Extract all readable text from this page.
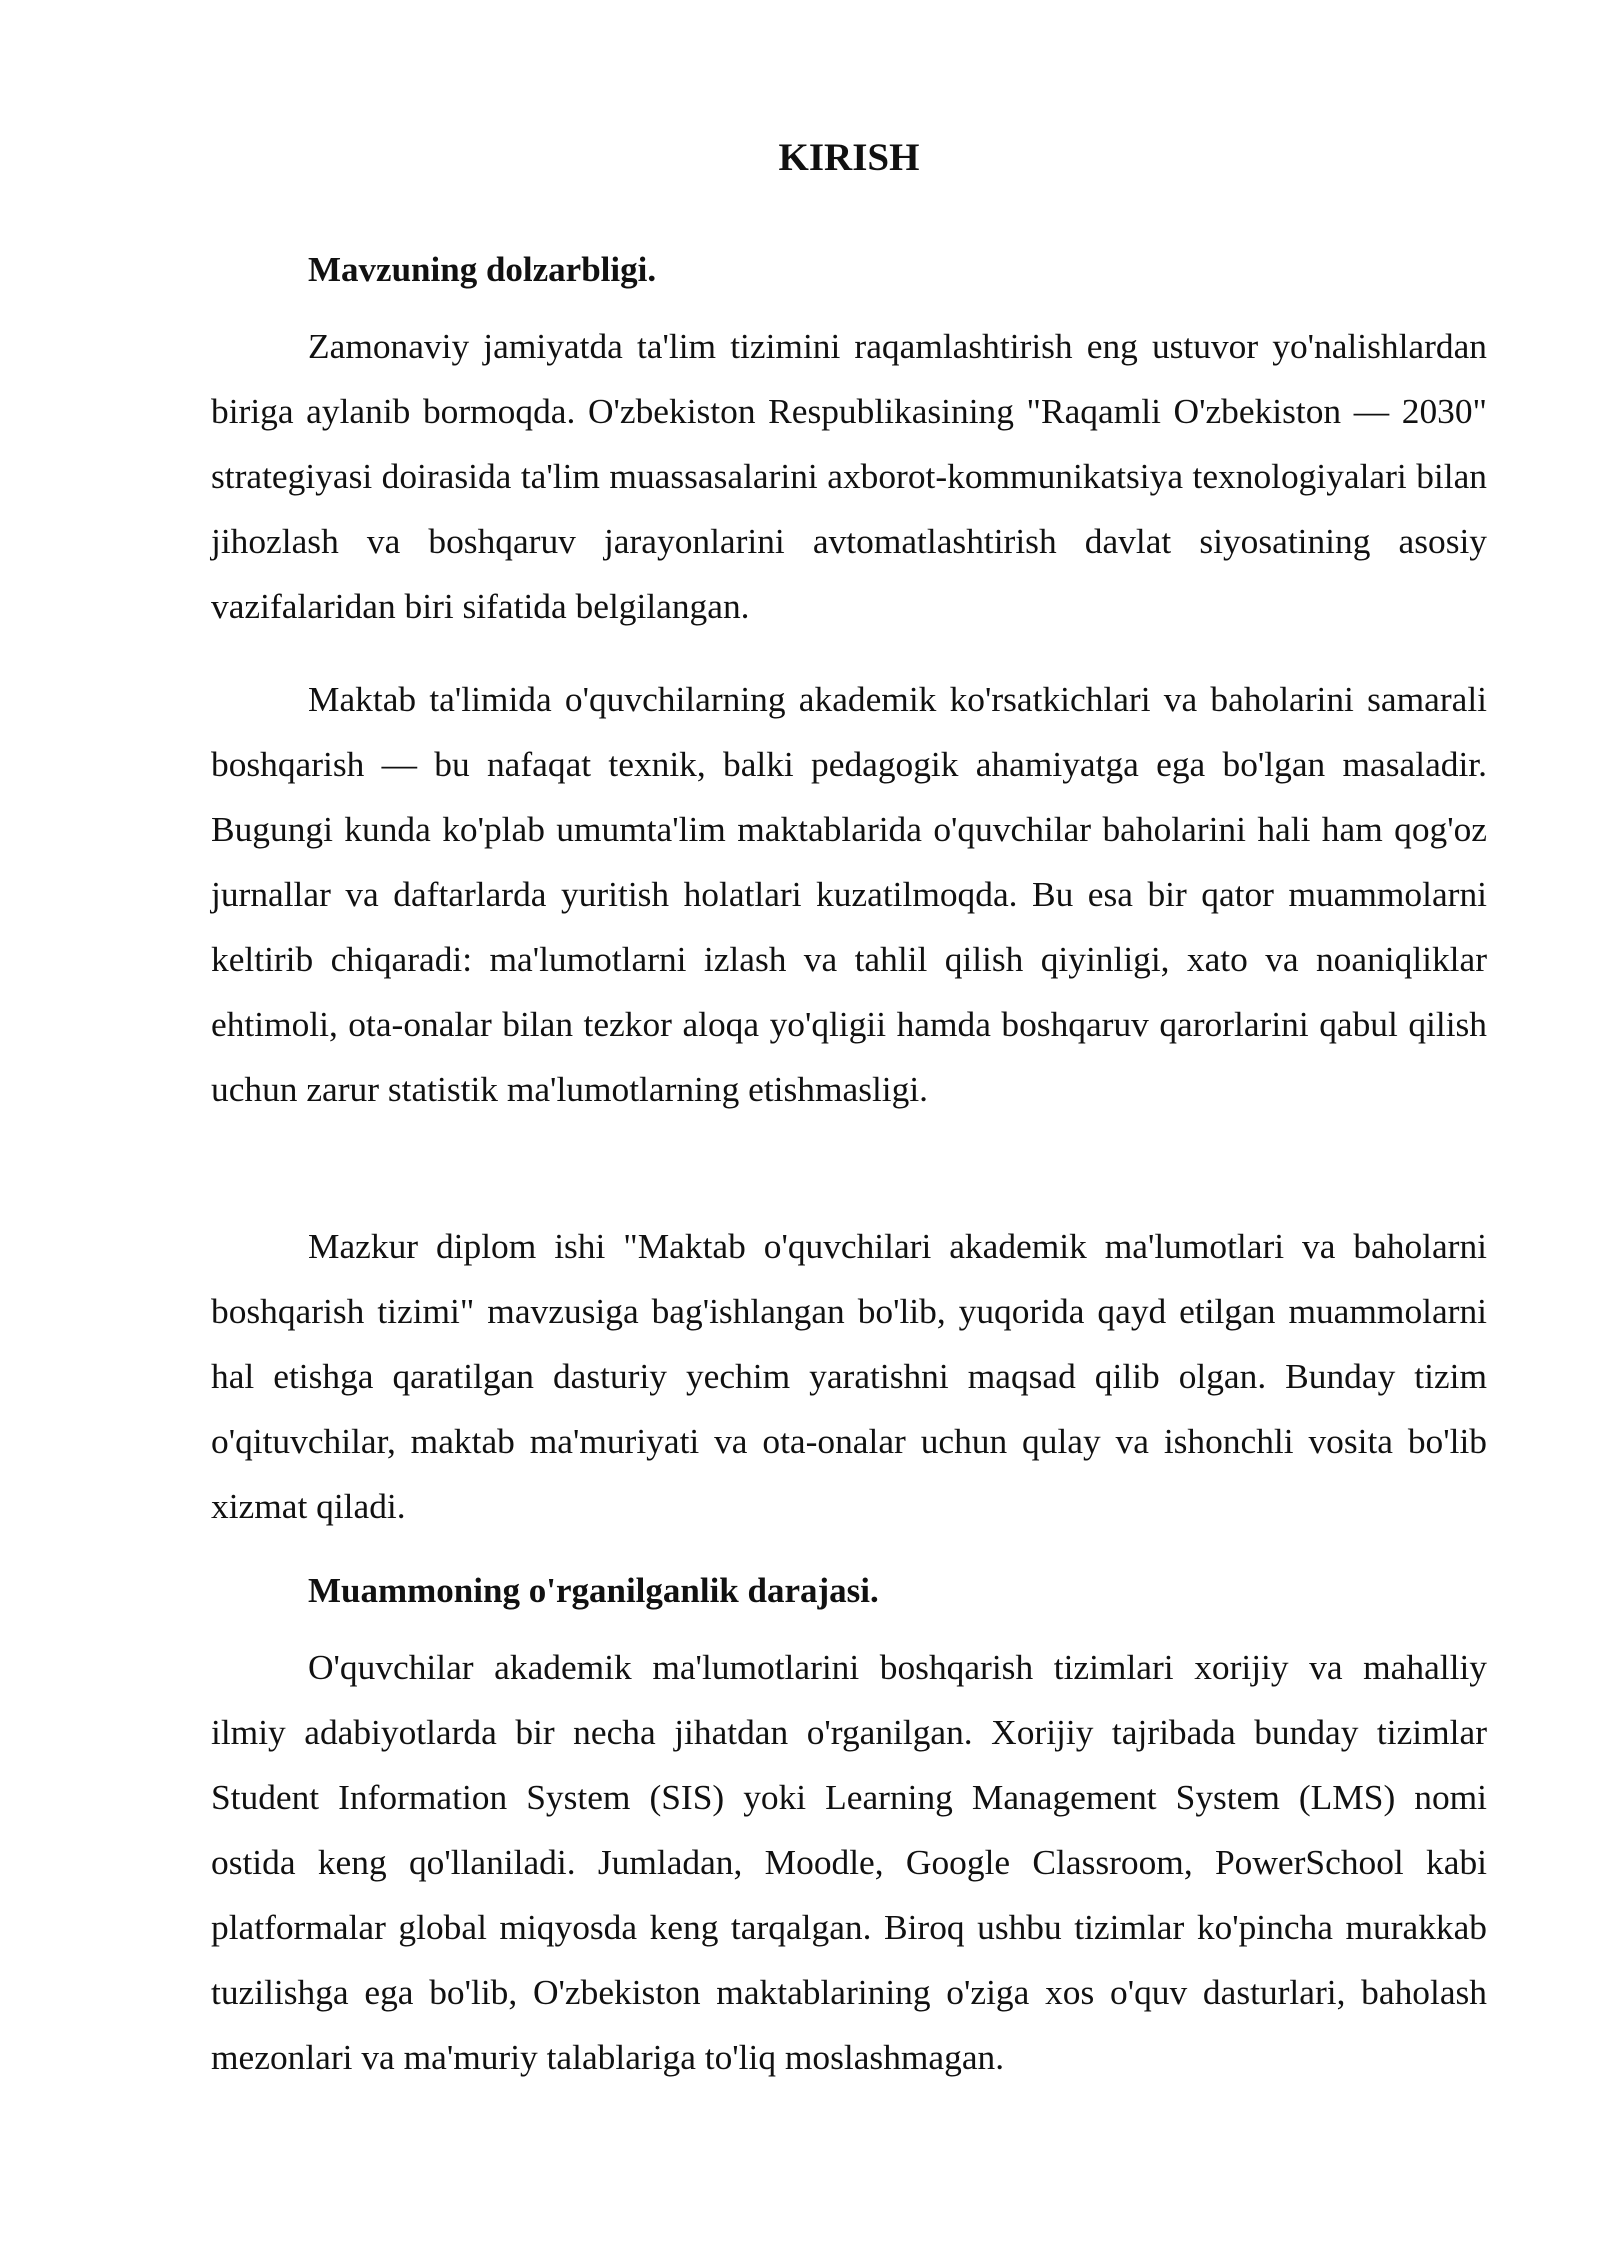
KIRISH
Mavzuning dolzarbligi.

Zamonaviy jamiyatda ta'lim tizimini raqamlashtirish eng ustuvor yo'nalishlardan biriga aylanib bormoqda. O'zbekiston Respublikasining "Raqamli O'zbekiston — 2030" strategiyasi doirasida ta'lim muassasalarini axborot-kommunikatsiya texnologiyalari bilan jihozlash va boshqaruv jarayonlarini avtomatlashtirish davlat siyosatining asosiy vazifalaridan biri sifatida belgilangan.

Maktab ta'limida o'quvchilarning akademik ko'rsatkichlari va baholarini samarali boshqarish — bu nafaqat texnik, balki pedagogik ahamiyatga ega bo'lgan masaladir. Bugungi kunda ko'plab umumta'lim maktablarida o'quvchilar baholarini hali ham qog'oz jurnallar va daftarlarda yuritish holatlari kuzatilmoqda. Bu esa bir qator muammolarni keltirib chiqaradi: ma'lumotlarni izlash va tahlil qilish qiyinligi, xato va noaniqliklar ehtimoli, ota-onalar bilan tezkor aloqa yo'qligii hamda boshqaruv qarorlarini qabul qilish uchun zarur statistik ma'lumotlarning etishmasligi.

Mazkur diplom ishi "Maktab o'quvchilari akademik ma'lumotlari va baholarni boshqarish tizimi" mavzusiga bag'ishlangan bo'lib, yuqorida qayd etilgan muammolarni hal etishga qaratilgan dasturiy yechim yaratishni maqsad qilib olgan. Bunday tizim o'qituvchilar, maktab ma'muriyati va ota-onalar uchun qulay va ishonchli vosita bo'lib xizmat qiladi.

Muammoning o'rganilganlik darajasi.

O'quvchilar akademik ma'lumotlarini boshqarish tizimlari xorijiy va mahalliy ilmiy adabiyotlarda bir necha jihatdan o'rganilgan. Xorijiy tajribada bunday tizimlar Student Information System (SIS) yoki Learning Management System (LMS) nomi ostida keng qo'llaniladi. Jumladan, Moodle, Google Classroom, PowerSchool kabi platformalar global miqyosda keng tarqalgan. Biroq ushbu tizimlar ko'pincha murakkab tuzilishga ega bo'lib, O'zbekiston maktablarining o'ziga xos o'quv dasturlari, baholash mezonlari va ma'muriy talablariga to'liq moslashmagan.
